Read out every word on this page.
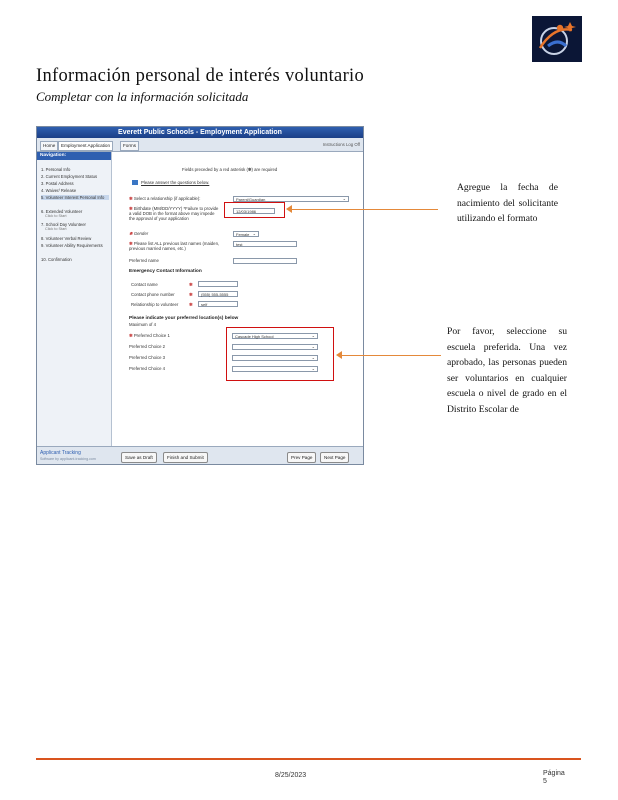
Información personal de interés voluntario
Completar con la información solicitada
Everett Public Schools - Employment Application
Home	Employment Application	Forms	Instructions Log Off
Navigation:
1. Personal Info
2. Current Employment Status
3. Postal Address
4. Waiver/ Release
5. Volunteer Interest Personal Info
6. Extended Volunteer
Click to Start
7. School Day Volunteer
Click to Start
8. Volunteer Verbal Review
9. Volunteer Ability Requirements
10. Confirmation
Fields preceded by a red asterisk (✽) are required
Please answer the questions below.
✽ Select a relationship (if applicable):	Parent/Guardian ⌄
✽ Birthdate (MM/DD/YYYY) *Failure to provide a valid DOB in the format above may impede the approval of your application
12/03/1986
✽ Gender	Female ⌄
✽ Please list ALL previous last names (maiden, previous married names, etc.)
test
Preferred name
Emergency Contact Information
Contact name	✽
Contact phone number	✽	(555) 555-5555
Relationship to volunteer ✽	self
Please indicate your preferred location(s) below
Maximum of 4
✽ Preferred Choice 1	Cascade High School ⌄
Preferred Choice 2
⌄
Preferred Choice 3
⌄
Preferred Choice 4
⌄
Applicant Tracking
Software by applicant-tracking.com	Save as Draft	Finish and Submit	Prev Page	Next Page
Agregue la fecha de nacimiento del solicitante utilizando el formato
Por favor, seleccione su escuela preferida. Una vez aprobado, las personas pueden ser voluntarios en cualquier escuela o nivel de grado en el Distrito Escolar de
8/25/2023	Página
5
